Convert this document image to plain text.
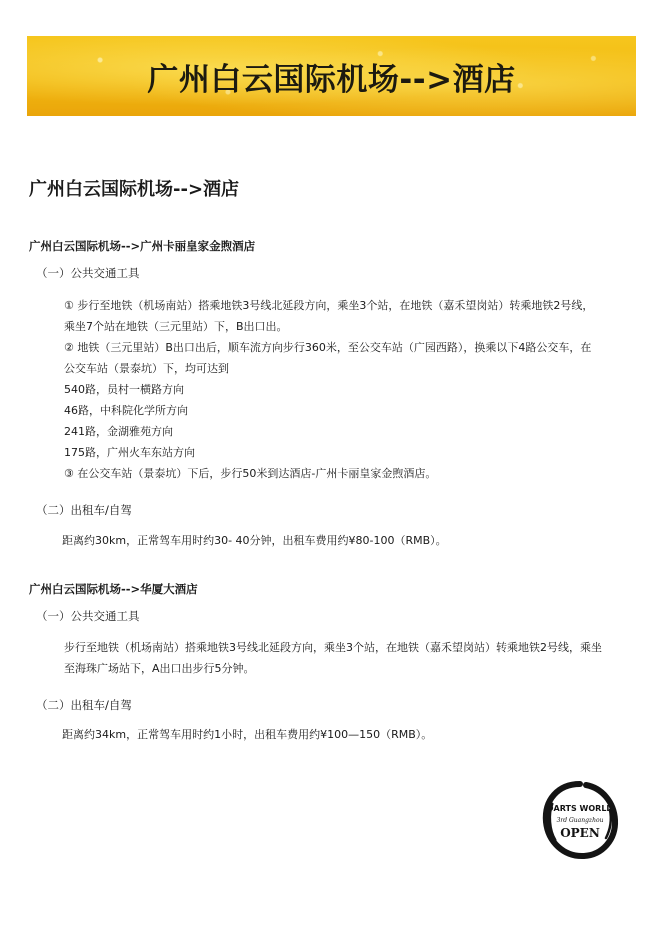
广州白云国际机场-->酒店
广州白云国际机场-->酒店
广州白云国际机场-->广州卡丽皇家金煦酒店
（一）公共交通工具
① 步行至地铁（机场南站）搭乘地铁3号线北延段方向，乘坐3个站，在地铁（嘉禾望岗站）转乘地铁2号线，
乘坐7个站在地铁（三元里站）下，B出口出。
② 地铁（三元里站）B出口出后，顺车流方向步行360米，至公交车站（广园西路），换乘以下4路公交车，在
公交车站（景泰坑）下，均可达到
540路，员村一横路方向
46路，中科院化学所方向
241路，金湖雅苑方向
175路，广州火车东站方向
③ 在公交车站（景泰坑）下后，步行50米到达酒店-广州卡丽皇家金煦酒店。
（二）出租车/自驾
距离约30km，正常驾车用时约30- 40分钟，出租车费用约¥80-100（RMB）。
广州白云国际机场-->华厦大酒店
（一）公共交通工具
步行至地铁（机场南站）搭乘地铁3号线北延段方向，乘坐3个站，在地铁（嘉禾望岗站）转乘地铁2号线，乘坐
至海珠广场站下，A出口出步行5分钟。
（二）出租车/自驾
距离约34km，正常驾车用时约1小时，出租车费用约¥100—150（RMB）。
DARTS WORLD
3rd Guangzhou
OPEN
